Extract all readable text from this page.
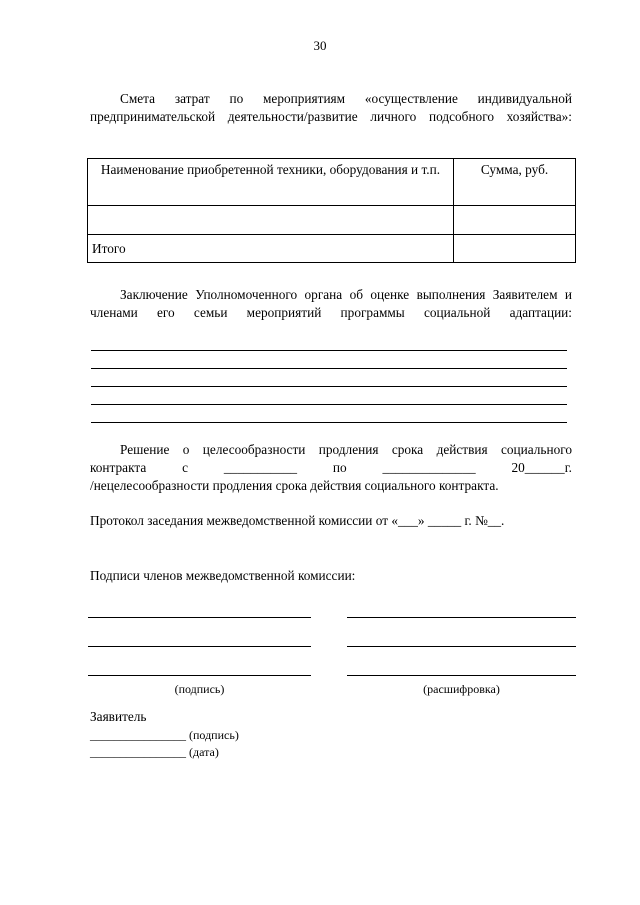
30
Смета затрат по мероприятиям «осуществление индивидуальной предпринимательской деятельности/развитие личного подсобного хозяйства»:
Наименование приобретенной техники, оборудования и т.п.	Сумма, руб.

Итого	
Заключение Уполномоченного органа об оценке выполнения Заявителем и членами его семьи мероприятий программы социальной адаптации:
Решение о целесообразности продления срока действия социального
контракта	с	___________	по	______________	20______г.
/нецелесообразности продления срока действия социального контракта.
Протокол заседания межведомственной комиссии от «___» _____ г. №__.
Подписи членов межведомственной комиссии:
(подпись)	(расшифровка)
Заявитель
________________ (подпись)
________________ (дата)
